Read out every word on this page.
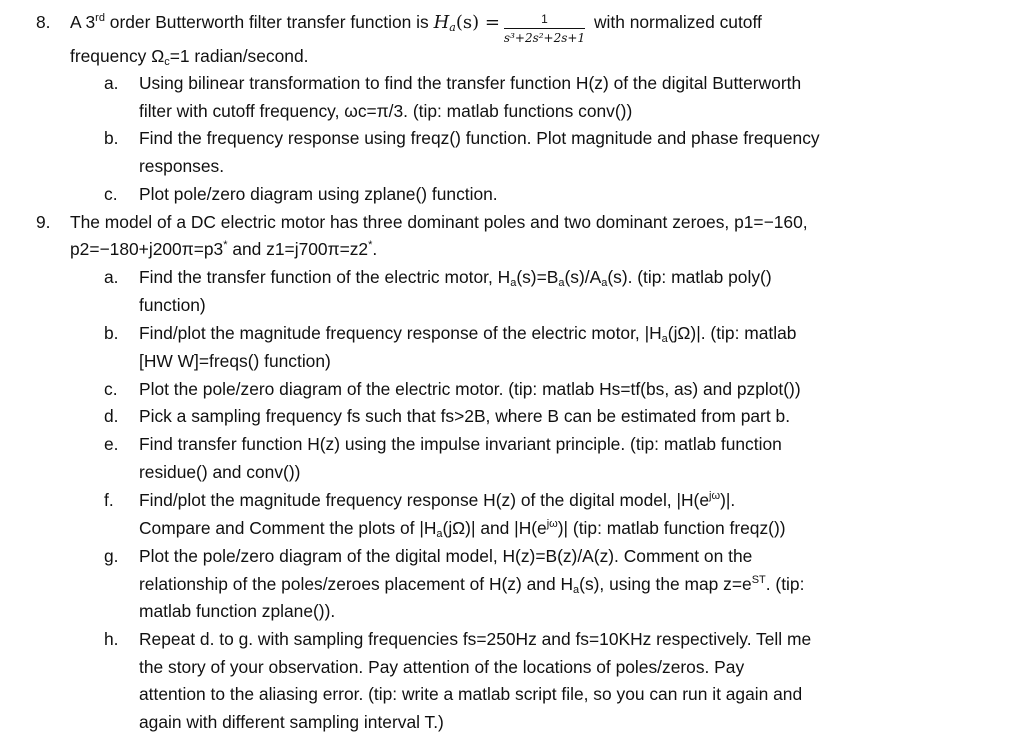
8. A 3rd order Butterworth filter transfer function is $H_a(s) = \frac{1}{\text{s³+2s²+2s+1}}$ with normalized cutoff
frequency $\Omega_c=1$ radian/second.
a. Using bilinear transformation to find the transfer function H(z) of the digital Butterworth
filter with cutoff frequency, ωc=π/3. (tip: matlab functions conv())
b. Find the frequency response using freqz() function. Plot magnitude and phase frequency
responses.
c. Plot pole/zero diagram using zplane() function.
9. The model of a DC electric motor has three dominant poles and two dominant zeroes, p1=−160,
p2=−180+j200π=p3* and z1=j700π=z2*.
a. Find the transfer function of the electric motor, $H_a(s)=B_a(s)/A_a(s)$. (tip: matlab poly()
function)
b. Find/plot the magnitude frequency response of the electric motor, $|H_a(j\Omega)|$. (tip: matlab
[HW W]=freqs() function)
c. Plot the pole/zero diagram of the electric motor. (tip: matlab Hs=tf(bs, as) and pzplot())
d. Pick a sampling frequency fs such that fs>2B, where B can be estimated from part b.
e. Find transfer function H(z) using the impulse invariant principle. (tip: matlab function
residue() and conv())
f. Find/plot the magnitude frequency response H(z) of the digital model, $|H(e^{j\omega})|$.
Compare and Comment the plots of $|H_a(j\Omega)|$ and $|H(e^{j\omega})|$ (tip: matlab function freqz())
g. Plot the pole/zero diagram of the digital model, H(z)=B(z)/A(z). Comment on the
relationship of the poles/zeroes placement of H(z) and $H_a(s)$, using the map $z=e^{ST}$. (tip:
matlab function zplane()).
h. Repeat d. to g. with sampling frequencies fs=250Hz and fs=10KHz respectively. Tell me
the story of your observation. Pay attention of the locations of poles/zeros. Pay
attention to the aliasing error. (tip: write a matlab script file, so you can run it again and
again with different sampling interval T.)
